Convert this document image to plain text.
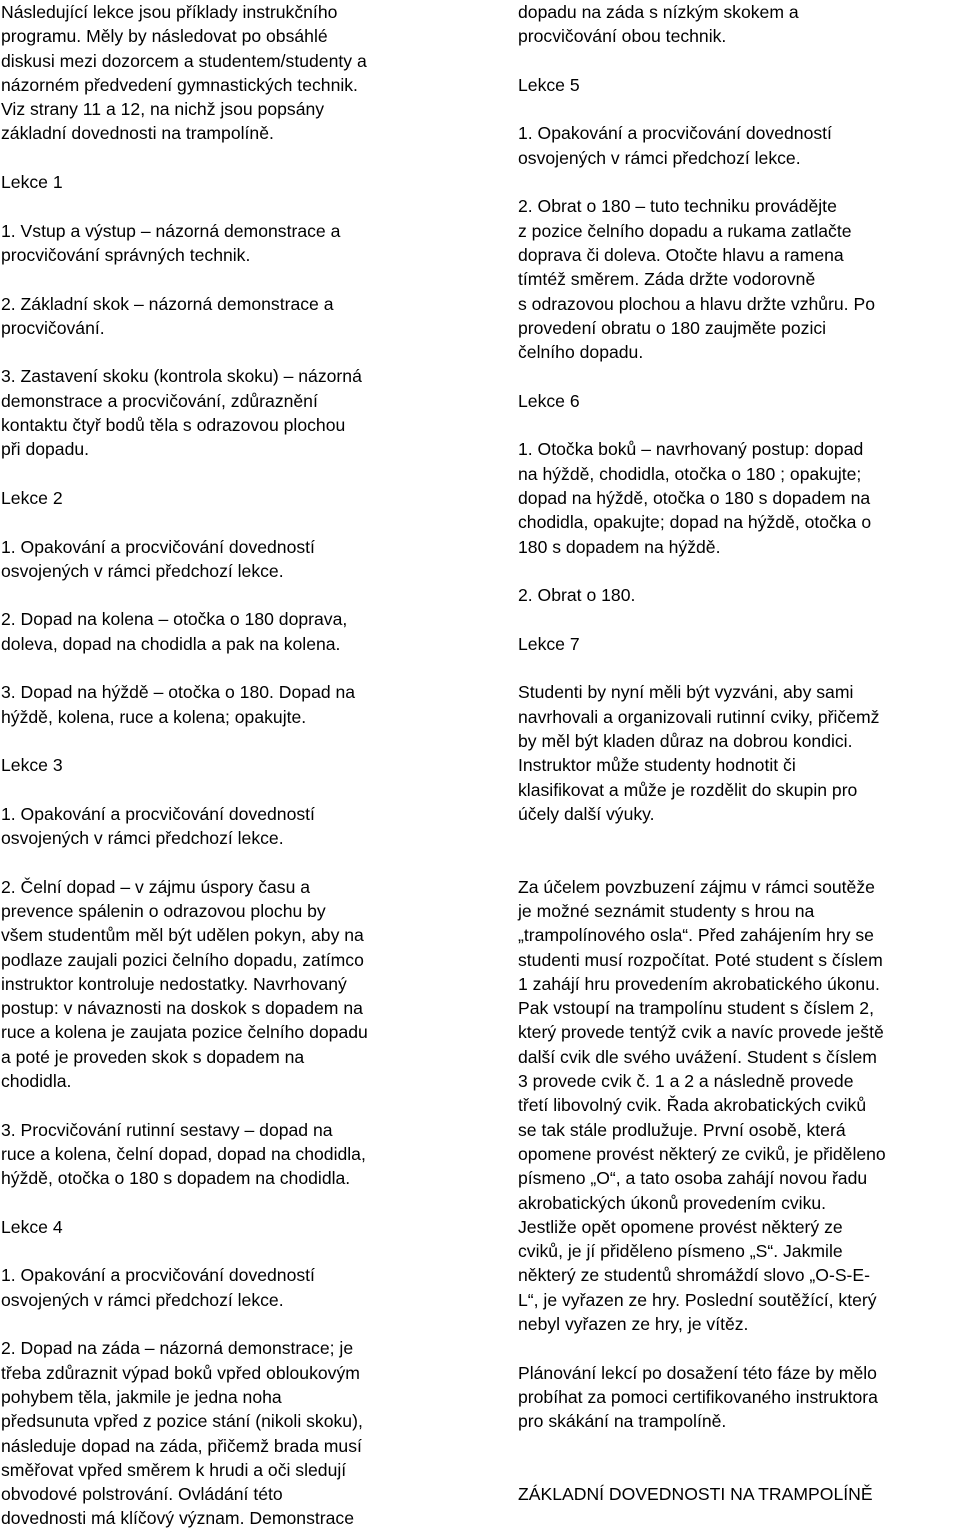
Následující lekce jsou příklady instrukčního
programu. Měly by následovat po obsáhlé
diskusi mezi dozorcem a studentem/studenty a
názorném předvedení gymnastických technik.
Viz strany 11 a 12, na nichž jsou popsány
základní dovednosti na trampolíně.

Lekce 1

1. Vstup a výstup – názorná demonstrace a
procvičování správných technik.

2. Základní skok – názorná demonstrace a
procvičování.

3. Zastavení skoku (kontrola skoku) – názorná
demonstrace a procvičování, zdůraznění
kontaktu čtyř bodů těla s odrazovou plochou
při dopadu.

Lekce 2

1. Opakování a procvičování dovedností
osvojených v rámci předchozí lekce.

2. Dopad na kolena – otočka o 180 doprava,
doleva, dopad na chodidla a pak na kolena.

3. Dopad na hýždě – otočka o 180. Dopad na
hýždě, kolena, ruce a kolena; opakujte.

Lekce 3

1. Opakování a procvičování dovedností
osvojených v rámci předchozí lekce.

2. Čelní dopad – v zájmu úspory času a
prevence spálenin o odrazovou plochu by
všem studentům měl být udělen pokyn, aby na
podlaze zaujali pozici čelního dopadu, zatímco
instruktor kontroluje nedostatky. Navrhovaný
postup: v návaznosti na doskok s dopadem na
ruce a kolena je zaujata pozice čelního dopadu
a poté je proveden skok s dopadem na
chodidla.

3. Procvičování rutinní sestavy – dopad na
ruce a kolena, čelní dopad, dopad na chodidla,
hýždě, otočka o 180 s dopadem na chodidla.

Lekce 4

1. Opakování a procvičování dovedností
osvojených v rámci předchozí lekce.

2. Dopad na záda – názorná demonstrace; je
třeba zdůraznit výpad boků vpřed obloukovým
pohybem těla, jakmile je jedna noha
předsunuta vpřed z pozice stání (nikoli skoku),
následuje dopad na záda, přičemž brada musí
směřovat vpřed směrem k hrudi a oči sledují
obvodové polstrování. Ovládání této
dovednosti má klíčový význam. Demonstrace

dopadu na záda s nízkým skokem a
procvičování obou technik.

Lekce 5

1. Opakování a procvičování dovedností
osvojených v rámci předchozí lekce.

2. Obrat o 180 – tuto techniku provádějte
z pozice čelního dopadu a rukama zatlačte
doprava či doleva. Otočte hlavu a ramena
tímtéž směrem. Záda držte vodorovně
s odrazovou plochou a hlavu držte vzhůru. Po
provedení obratu o 180 zaujměte pozici
čelního dopadu.

Lekce 6

1. Otočka boků – navrhovaný postup: dopad
na hýždě, chodidla, otočka o 180 ; opakujte;
dopad na hýždě, otočka o 180 s dopadem na
chodidla, opakujte; dopad na hýždě, otočka o
180 s dopadem na hýždě.

2. Obrat o 180.

Lekce 7

Studenti by nyní měli být vyzváni, aby sami
navrhovali a organizovali rutinní cviky, přičemž
by měl být kladen důraz na dobrou kondici.
Instruktor může studenty hodnotit či
klasifikovat a může je rozdělit do skupin pro
účely další výuky.

Za účelem povzbuzení zájmu v rámci soutěže
je možné seznámit studenty s hrou na
„trampolínového osla“. Před zahájením hry se
studenti musí rozpočítat. Poté student s číslem
1 zahájí hru provedením akrobatického úkonu.
Pak vstoupí na trampolínu student s číslem 2,
který provede tentýž cvik a navíc provede ještě
další cvik dle svého uvážení. Student s číslem
3 provede cvik č. 1 a 2 a následně provede
třetí libovolný cvik. Řada akrobatických cviků
se tak stále prodlužuje. První osobě, která
opomene provést některý ze cviků, je přiděleno
písmeno „O“, a tato osoba zahájí novou řadu
akrobatických úkonů provedením cviku.
Jestliže opět opomene provést některý ze
cviků, je jí přiděleno písmeno „S“. Jakmile
některý ze studentů shromáždí slovo „O-S-E-
L“, je vyřazen ze hry. Poslední soutěžící, který
nebyl vyřazen ze hry, je vítěz.

Plánování lekcí po dosažení této fáze by mělo
probíhat za pomoci certifikovaného instruktora
pro skákání na trampolíně.

ZÁKLADNÍ DOVEDNOSTI NA TRAMPOLÍNĚ
